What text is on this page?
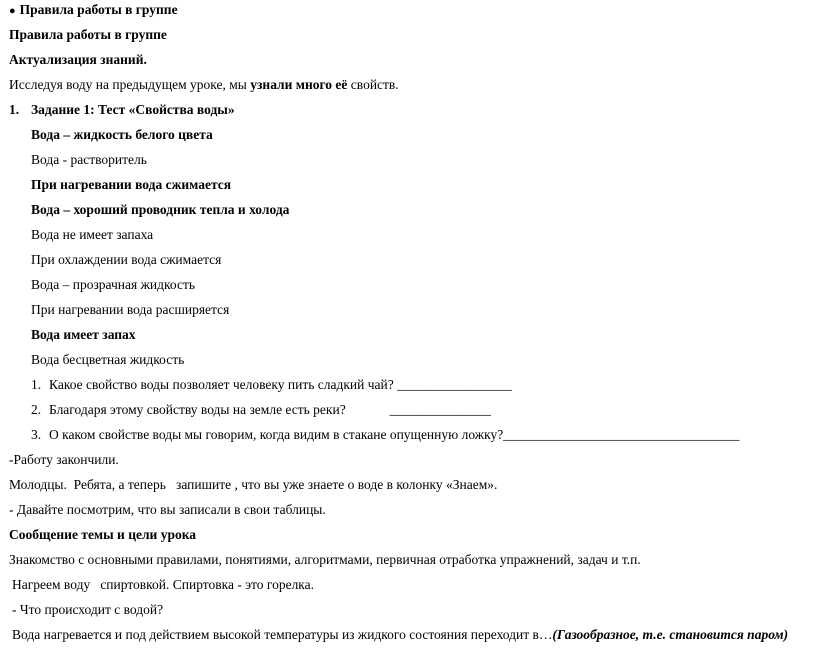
● Правила работы в группе
Правила работы в группе
Актуализация знаний.
Исследуя воду на предыдущем уроке, мы узнали много её свойств.
1. Задание 1: Тест «Свойства воды»
Вода – жидкость белого цвета
Вода - растворитель
При нагревании вода сжимается
Вода – хороший проводник тепла и холода
Вода не имеет запаха
При охлаждении вода сжимается
Вода – прозрачная жидкость
При нагревании вода расширяется
Вода имеет запах
Вода бесцветная жидкость
1. Какое свойство воды позволяет человеку пить сладкий чай? _________________
2. Благодаря этому свойству воды на земле есть реки?             _______________
3. О каком свойстве воды мы говорим, когда видим в стакане опущенную ложку?___________________________________
-Работу закончили.
Молодцы.  Ребята, а теперь   запишите , что вы уже знаете о воде в колонку «Знаем».
- Давайте посмотрим, что вы записали в свои таблицы.
Сообщение темы и цели урока
Знакомство с основными правилами, понятиями, алгоритмами, первичная отработка упражнений, задач и т.п.
Нагреем воду   спиртовкой. Спиртовка - это горелка.
- Что происходит с водой?
Вода нагревается и под действием высокой температуры из жидкого состояния переходит в…(Газообразное, т.е. становится паром)
